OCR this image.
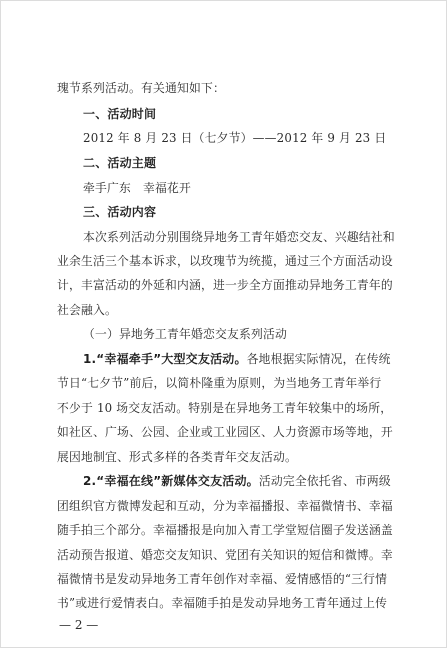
瑰节系列活动。有关通知如下：
一、活动时间
2012 年 8 月 23 日（七夕节）——2012 年 9 月 23 日
二、活动主题
牵手广东　幸福花开
三、活动内容
本次系列活动分别围绕异地务工青年婚恋交友、兴趣结社和
业余生活三个基本诉求，以玫瑰节为统揽，通过三个方面活动设
计，丰富活动的外延和内涵，进一步全方面推动异地务工青年的
社会融入。
（一）异地务工青年婚恋交友系列活动
1.“幸福牵手”大型交友活动。各地根据实际情况，在传统
节日“七夕节”前后，以简朴隆重为原则，为当地务工青年举行
不少于 10 场交友活动。特别是在异地务工青年较集中的场所，
如社区、广场、公园、企业或工业园区、人力资源市场等地，开
展因地制宜、形式多样的各类青年交友活动。
2.“幸福在线”新媒体交友活动。活动完全依托省、市两级
团组织官方微博发起和互动，分为幸福播报、幸福微情书、幸福
随手拍三个部分。幸福播报是向加入青工学堂短信圈子发送涵盖
活动预告报道、婚恋交友知识、党团有关知识的短信和微博。幸
福微情书是发动异地务工青年创作对幸福、爱情感悟的“三行情
书”或进行爱情表白。幸福随手拍是发动异地务工青年通过上传
— 2 —
